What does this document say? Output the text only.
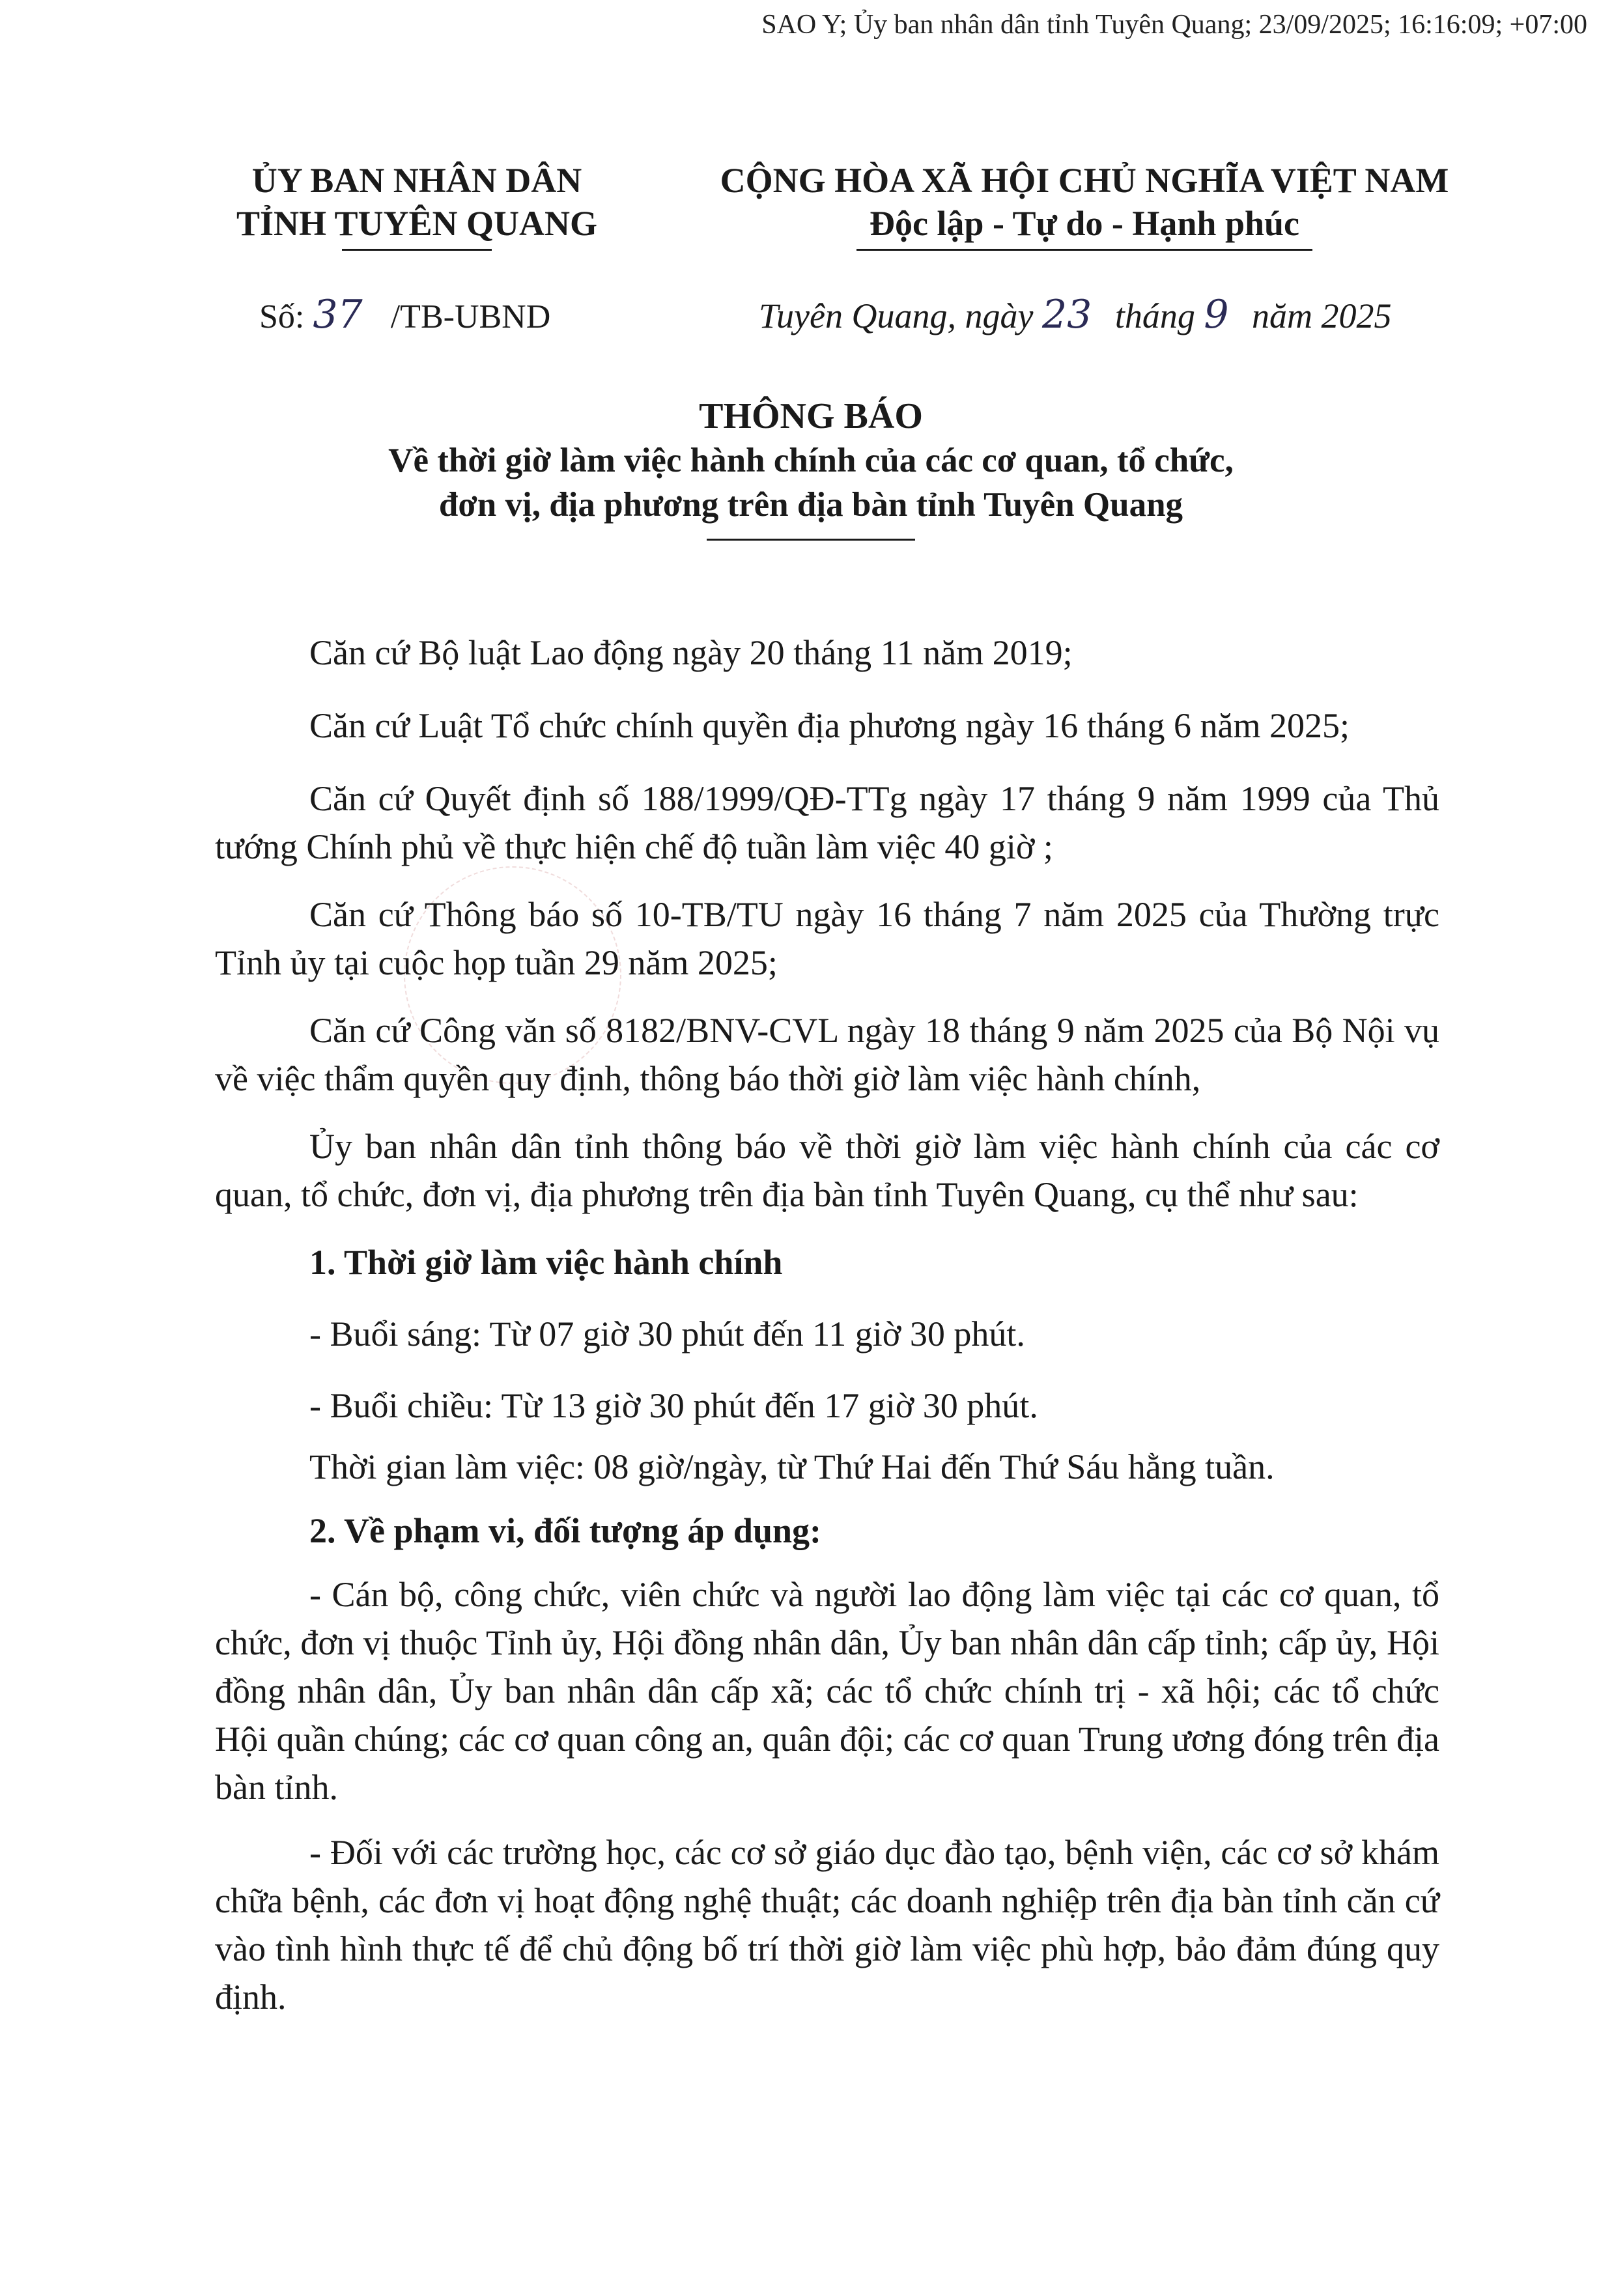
SAO Y; Ủy ban nhân dân tỉnh Tuyên Quang; 23/09/2025; 16:16:09; +07:00
ỦY BAN NHÂN DÂN
TỈNH TUYÊN QUANG
CỘNG HÒA XÃ HỘI CHỦ NGHĨA VIỆT NAM
Độc lập - Tự do - Hạnh phúc
Số: 37 /TB-UBND	Tuyên Quang, ngày 23 tháng 9 năm 2025
THÔNG BÁO
Về thời giờ làm việc hành chính của các cơ quan, tổ chức,
đơn vị, địa phương trên địa bàn tỉnh Tuyên Quang

Căn cứ Bộ luật Lao động ngày 20 tháng 11 năm 2019;

Căn cứ Luật Tổ chức chính quyền địa phương ngày 16 tháng 6 năm 2025;

Căn cứ Quyết định số 188/1999/QĐ-TTg ngày 17 tháng 9 năm 1999 của Thủ tướng Chính phủ về thực hiện chế độ tuần làm việc 40 giờ ;

Căn cứ Thông báo số 10-TB/TU ngày 16 tháng 7 năm 2025 của Thường trực Tỉnh ủy tại cuộc họp tuần 29 năm 2025;

Căn cứ Công văn số 8182/BNV-CVL ngày 18 tháng 9 năm 2025 của Bộ Nội vụ về việc thẩm quyền quy định, thông báo thời giờ làm việc hành chính,

Ủy ban nhân dân tỉnh thông báo về thời giờ làm việc hành chính của các cơ quan, tổ chức, đơn vị, địa phương trên địa bàn tỉnh Tuyên Quang, cụ thể như sau:

1. Thời giờ làm việc hành chính

- Buổi sáng: Từ 07 giờ 30 phút đến 11 giờ 30 phút.

- Buổi chiều: Từ 13 giờ 30 phút đến 17 giờ 30 phút.

Thời gian làm việc: 08 giờ/ngày, từ Thứ Hai đến Thứ Sáu hằng tuần.

2. Về phạm vi, đối tượng áp dụng:

- Cán bộ, công chức, viên chức và người lao động làm việc tại các cơ quan, tổ chức, đơn vị thuộc Tỉnh ủy, Hội đồng nhân dân, Ủy ban nhân dân cấp tỉnh; cấp ủy, Hội đồng nhân dân, Ủy ban nhân dân cấp xã; các tổ chức chính trị - xã hội; các tổ chức Hội quần chúng; các cơ quan công an, quân đội; các cơ quan Trung ương đóng trên địa bàn tỉnh.

- Đối với các trường học, các cơ sở giáo dục đào tạo, bệnh viện, các cơ sở khám chữa bệnh, các đơn vị hoạt động nghệ thuật; các doanh nghiệp trên địa bàn tỉnh căn cứ vào tình hình thực tế để chủ động bố trí thời giờ làm việc phù hợp, bảo đảm đúng quy định.
